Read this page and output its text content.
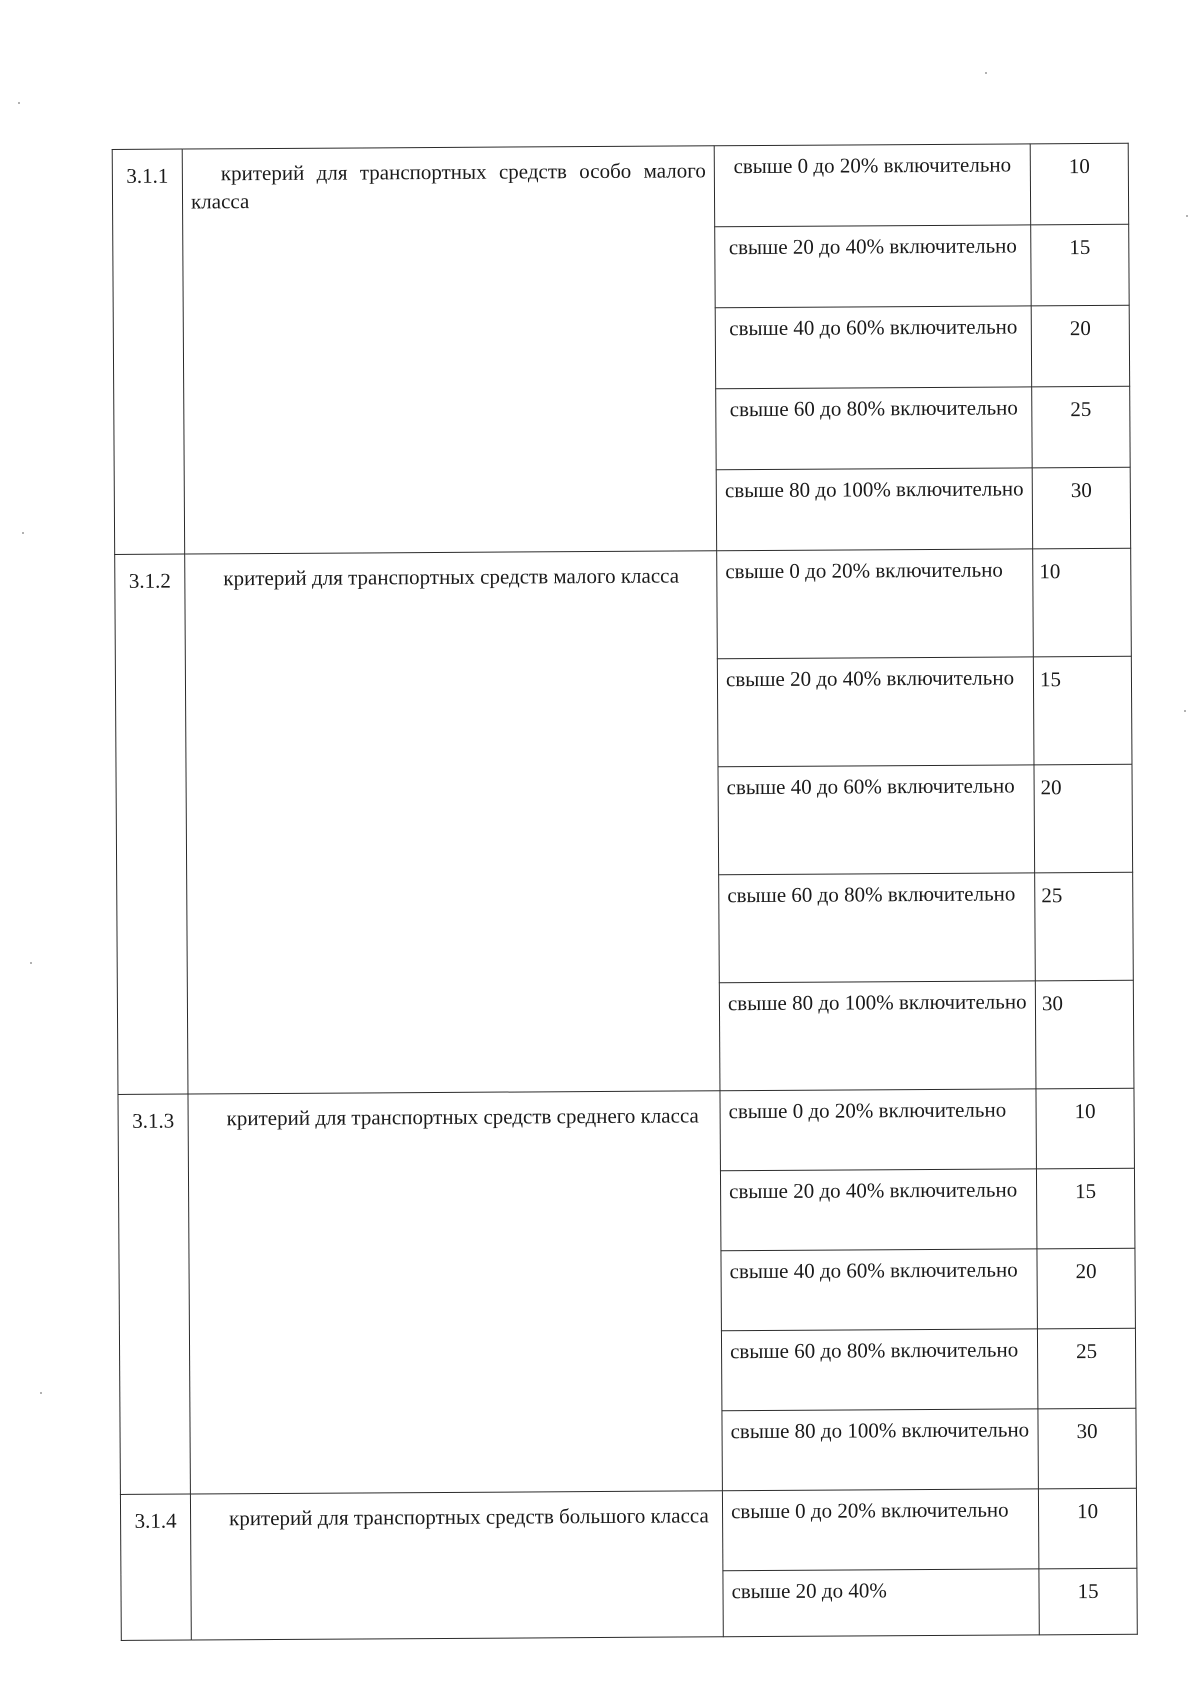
3.1.1	критерий для транспортных средств особо малого класса	свыше 0 до 20% включительно	10
		свыше 20 до 40% включительно	15
		свыше 40 до 60% включительно	20
		свыше 60 до 80% включительно	25
		свыше 80 до 100% включительно	30
3.1.2	критерий для транспортных средств малого класса	свыше 0 до 20% включительно	10
		свыше 20 до 40% включительно	15
		свыше 40 до 60% включительно	20
		свыше 60 до 80% включительно	25
		свыше 80 до 100% включительно	30
3.1.3	критерий для транспортных средств среднего класса	свыше 0 до 20% включительно	10
		свыше 20 до 40% включительно	15
		свыше 40 до 60% включительно	20
		свыше 60 до 80% включительно	25
		свыше 80 до 100% включительно	30
3.1.4	критерий для транспортных средств большого класса	свыше 0 до 20% включительно	10
		свыше 20 до 40%	15
